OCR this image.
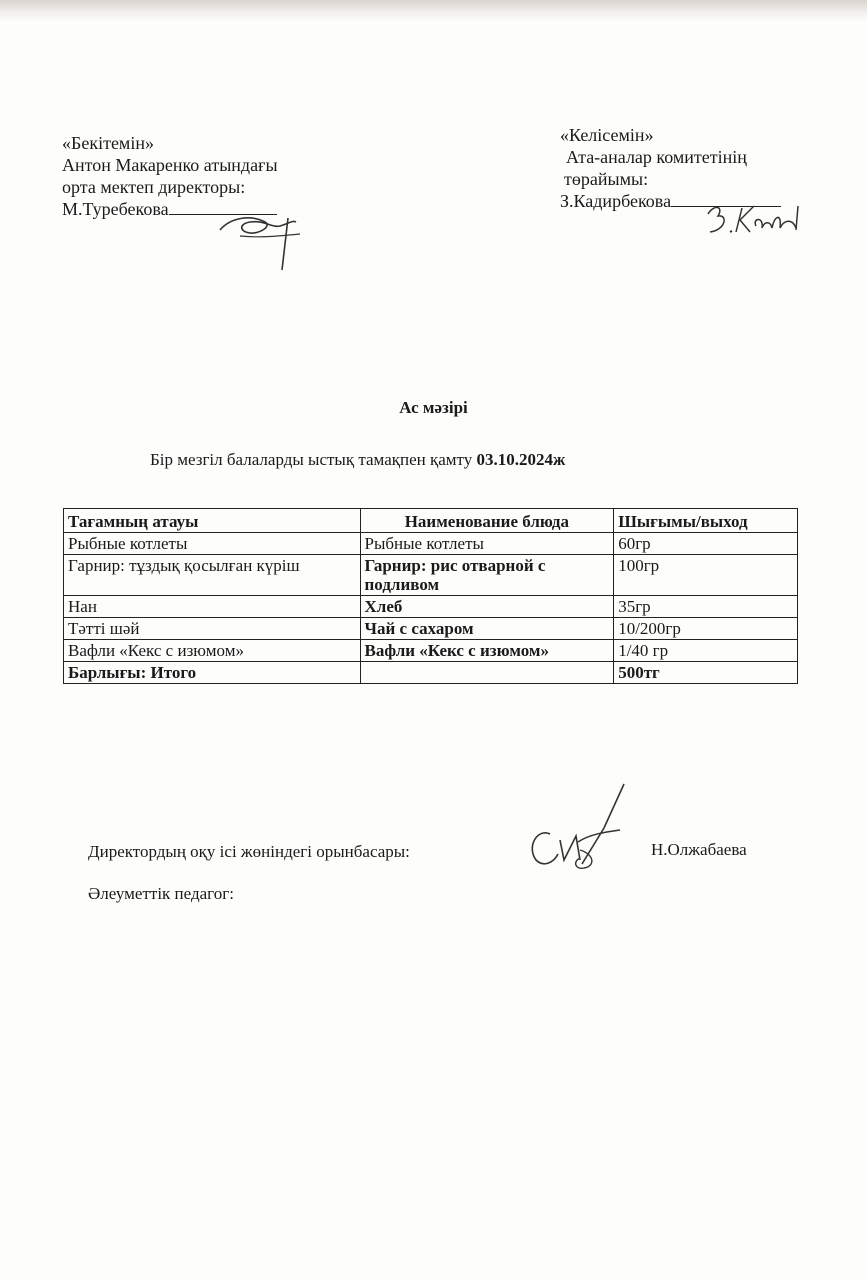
«Бекітемін»
Антон Макаренко атындағы
орта мектеп директоры:
М.Туребекова
«Келісемін»
Ата-аналар комитетінің
төрайымы:
З.Кадирбекова
Ас мәзірі
Бір мезгіл балаларды ыстық тамақпен қамту 03.10.2024ж
Тағамның атауы	Наименование блюда	Шығымы/выход
Рыбные котлеты	Рыбные котлеты	60гр
Гарнир: тұздық қосылған күріш	Гарнир: рис отварной с подливом	100гр
Нан	Хлеб	35гр
Тәтті шәй	Чай с сахаром	10/200гр
Вафли «Кекс с изюмом»	Вафли «Кекс с изюмом»	1/40 гр
Барлығы: Итого		500тг
Директордың оқу ісі жөніндегі орынбасары:	Н.Олжабаева
Әлеуметтік педагог:
